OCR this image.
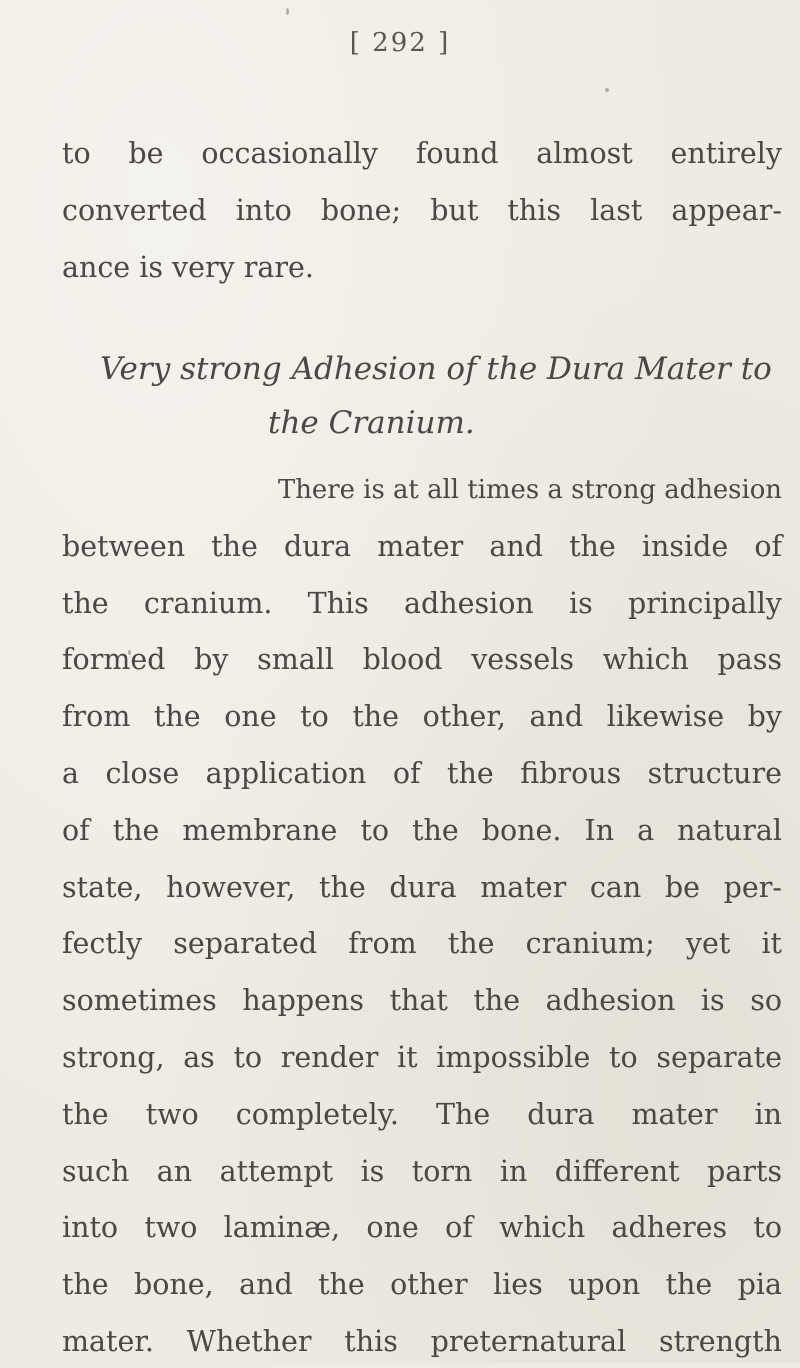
[ 292 ]
to be occasionally found almost entirely
converted into bone; but this last appear-
ance is very rare.
Very strong Adhesion of the Dura Mater to
the Cranium.
There is at all times a strong adhesion
between the dura mater and the inside of
the cranium. This adhesion is principally
formed by small blood vessels which pass
from the one to the other, and likewise by
a close application of the fibrous structure
of the membrane to the bone. In a natural
state, however, the dura mater can be per-
fectly separated from the cranium; yet it
sometimes happens that the adhesion is so
strong, as to render it impossible to separate
the two completely. The dura mater in
such an attempt is torn in different parts
into two laminæ, one of which adheres to
the bone, and the other lies upon the pia
mater. Whether this preternatural strength
